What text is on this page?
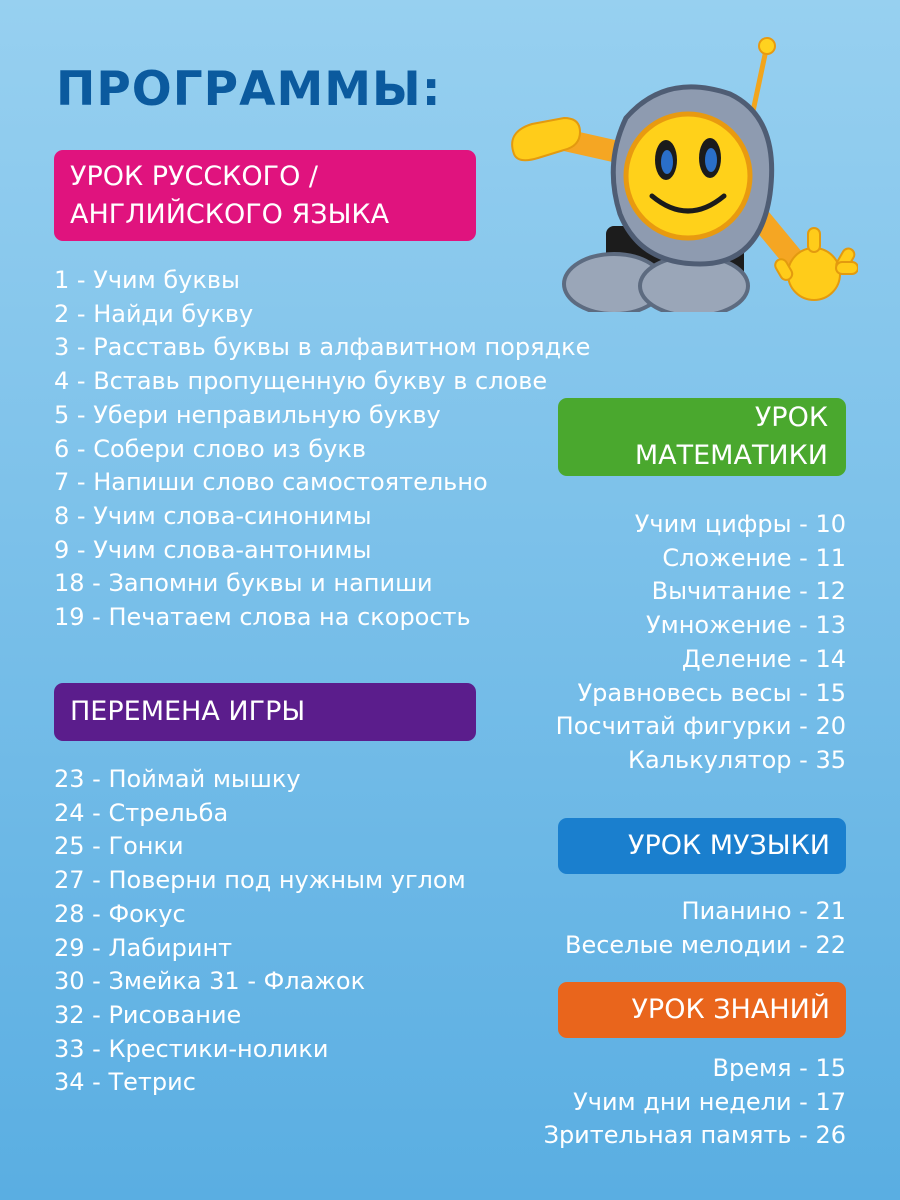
ПРОГРАММЫ:
УРОК РУССКОГО /
АНГЛИЙСКОГО ЯЗЫКА
1 - Учим буквы
2 - Найди букву
3 - Расставь буквы в алфавитном порядке
4 - Вставь пропущенную букву в слове
5 - Убери неправильную букву
6 - Собери слово из букв
7 - Напиши слово самостоятельно
8 - Учим слова-синонимы
9 - Учим слова-антонимы
18 - Запомни буквы и напиши
19 - Печатаем слова на скорость
ПЕРЕМЕНА ИГРЫ
23 - Поймай мышку
24 - Стрельба
25 - Гонки
27 - Поверни под нужным углом
28 - Фокус
29 - Лабиринт
30 - Змейка 31 - Флажок
32 - Рисование
33 - Крестики-нолики
34 - Тетрис
УРОК
МАТЕМАТИКИ
Учим цифры - 10
Сложение - 11
Вычитание - 12
Умножение - 13
Деление - 14
Уравновесь весы - 15
Посчитай фигурки - 20
Калькулятор - 35
УРОК МУЗЫКИ
Пианино - 21
Веселые мелодии - 22
УРОК ЗНАНИЙ
Время - 15
Учим дни недели - 17
Зрительная память - 26
